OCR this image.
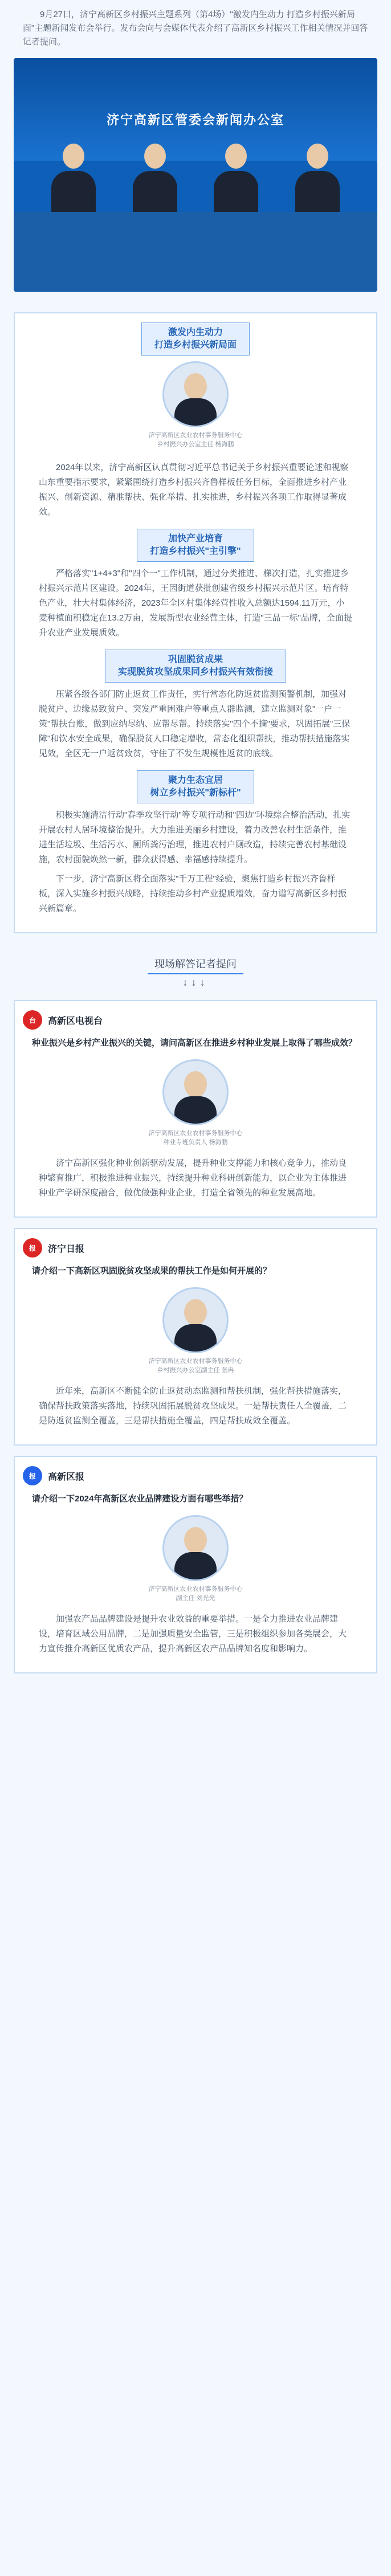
9月27日，济宁高新区乡村振兴主题系列（第4场）"激发内生动力 打造乡村振兴新局面"主题新闻发布会举行。发布会向与会媒体代表介绍了高新区乡村振兴工作相关情况并回答记者提问。
济宁高新区管委会新闻办公室
激发内生动力
打造乡村振兴新局面
济宁高新区农业农村事务服务中心
乡村振兴办公室主任 杨海鹏
2024年以来，济宁高新区认真贯彻习近平总书记关于乡村振兴重要论述和视察山东重要指示要求，紧紧围绕打造乡村振兴齐鲁样板任务目标，全面推进乡村产业振兴、创新资源、精准帮扶、强化举措、扎实推进，乡村振兴各项工作取得显著成效。
加快产业培育
打造乡村振兴"主引擎"
严格落实"1+4+3"和"四个一"工作机制，通过分类推进、梯次打造，扎实推进乡村振兴示范片区建设。2024年，王因街道获批创建省级乡村振兴示范片区。培育特色产业，壮大村集体经济，2023年全区村集体经营性收入总额达1594.11万元，小麦种植面积稳定在13.2万亩，发展新型农业经营主体，打造"三品一标"品牌，全面提升农业产业发展质效。
巩固脱贫成果
实现脱贫攻坚成果同乡村振兴有效衔接
压紧各级各部门防止返贫工作责任，实行常态化防返贫监测预警机制，加强对脱贫户、边缘易致贫户、突发严重困难户等重点人群监测，建立监测对象"一户一策"帮扶台账，做到应纳尽纳、应帮尽帮。持续落实"四个不摘"要求，巩固拓展"三保障"和饮水安全成果，确保脱贫人口稳定增收，常态化组织帮扶，推动帮扶措施落实见效，全区无一户返贫致贫，守住了不发生规模性返贫的底线。
聚力生态宜居
树立乡村振兴"新标杆"
积极实施清洁行动"春季攻坚行动"等专项行动和"四边"环境综合整治活动，扎实开展农村人居环境整治提升。大力推进美丽乡村建设，着力改善农村生活条件，推进生活垃圾、生活污水、厕所粪污治理，推进农村户厕改造，持续完善农村基础设施，农村面貌焕然一新，群众获得感、幸福感持续提升。
下一步，济宁高新区将全面落实"千万工程"经验，聚焦打造乡村振兴齐鲁样板，深入实施乡村振兴战略，持续推动乡村产业提质增效，奋力谱写高新区乡村振兴新篇章。
现场解答记者提问
↓↓↓
台	高新区电视台
种业振兴是乡村产业振兴的关键，请问高新区在推进乡村种业发展上取得了哪些成效？
济宁高新区农业农村事务服务中心
种业专班负责人 杨海鹏
济宁高新区强化种业创新驱动发展，提升种业支撑能力和核心竞争力，推动良种繁育推广，积极推进种业振兴，持续提升种业科研创新能力，以企业为主体推进种业产学研深度融合，做优做强种业企业，打造全省领先的种业发展高地。
报	济宁日报
请介绍一下高新区巩固脱贫攻坚成果的帮扶工作是如何开展的？
济宁高新区农业农村事务服务中心
乡村振兴办公室副主任 张冉
近年来，高新区不断健全防止返贫动态监测和帮扶机制，强化帮扶措施落实，确保帮扶政策落实落地，持续巩固拓展脱贫攻坚成果。一是帮扶责任人全覆盖，二是防返贫监测全覆盖，三是帮扶措施全覆盖，四是帮扶成效全覆盖。
报	高新区报
请介绍一下2024年高新区农业品牌建设方面有哪些举措？
济宁高新区农业农村事务服务中心
副主任 刘光光
加强农产品品牌建设是提升农业效益的重要举措。一是全力推进农业品牌建设，培育区域公用品牌，二是加强质量安全监管，三是积极组织参加各类展会，大力宣传推介高新区优质农产品，提升高新区农产品品牌知名度和影响力。
